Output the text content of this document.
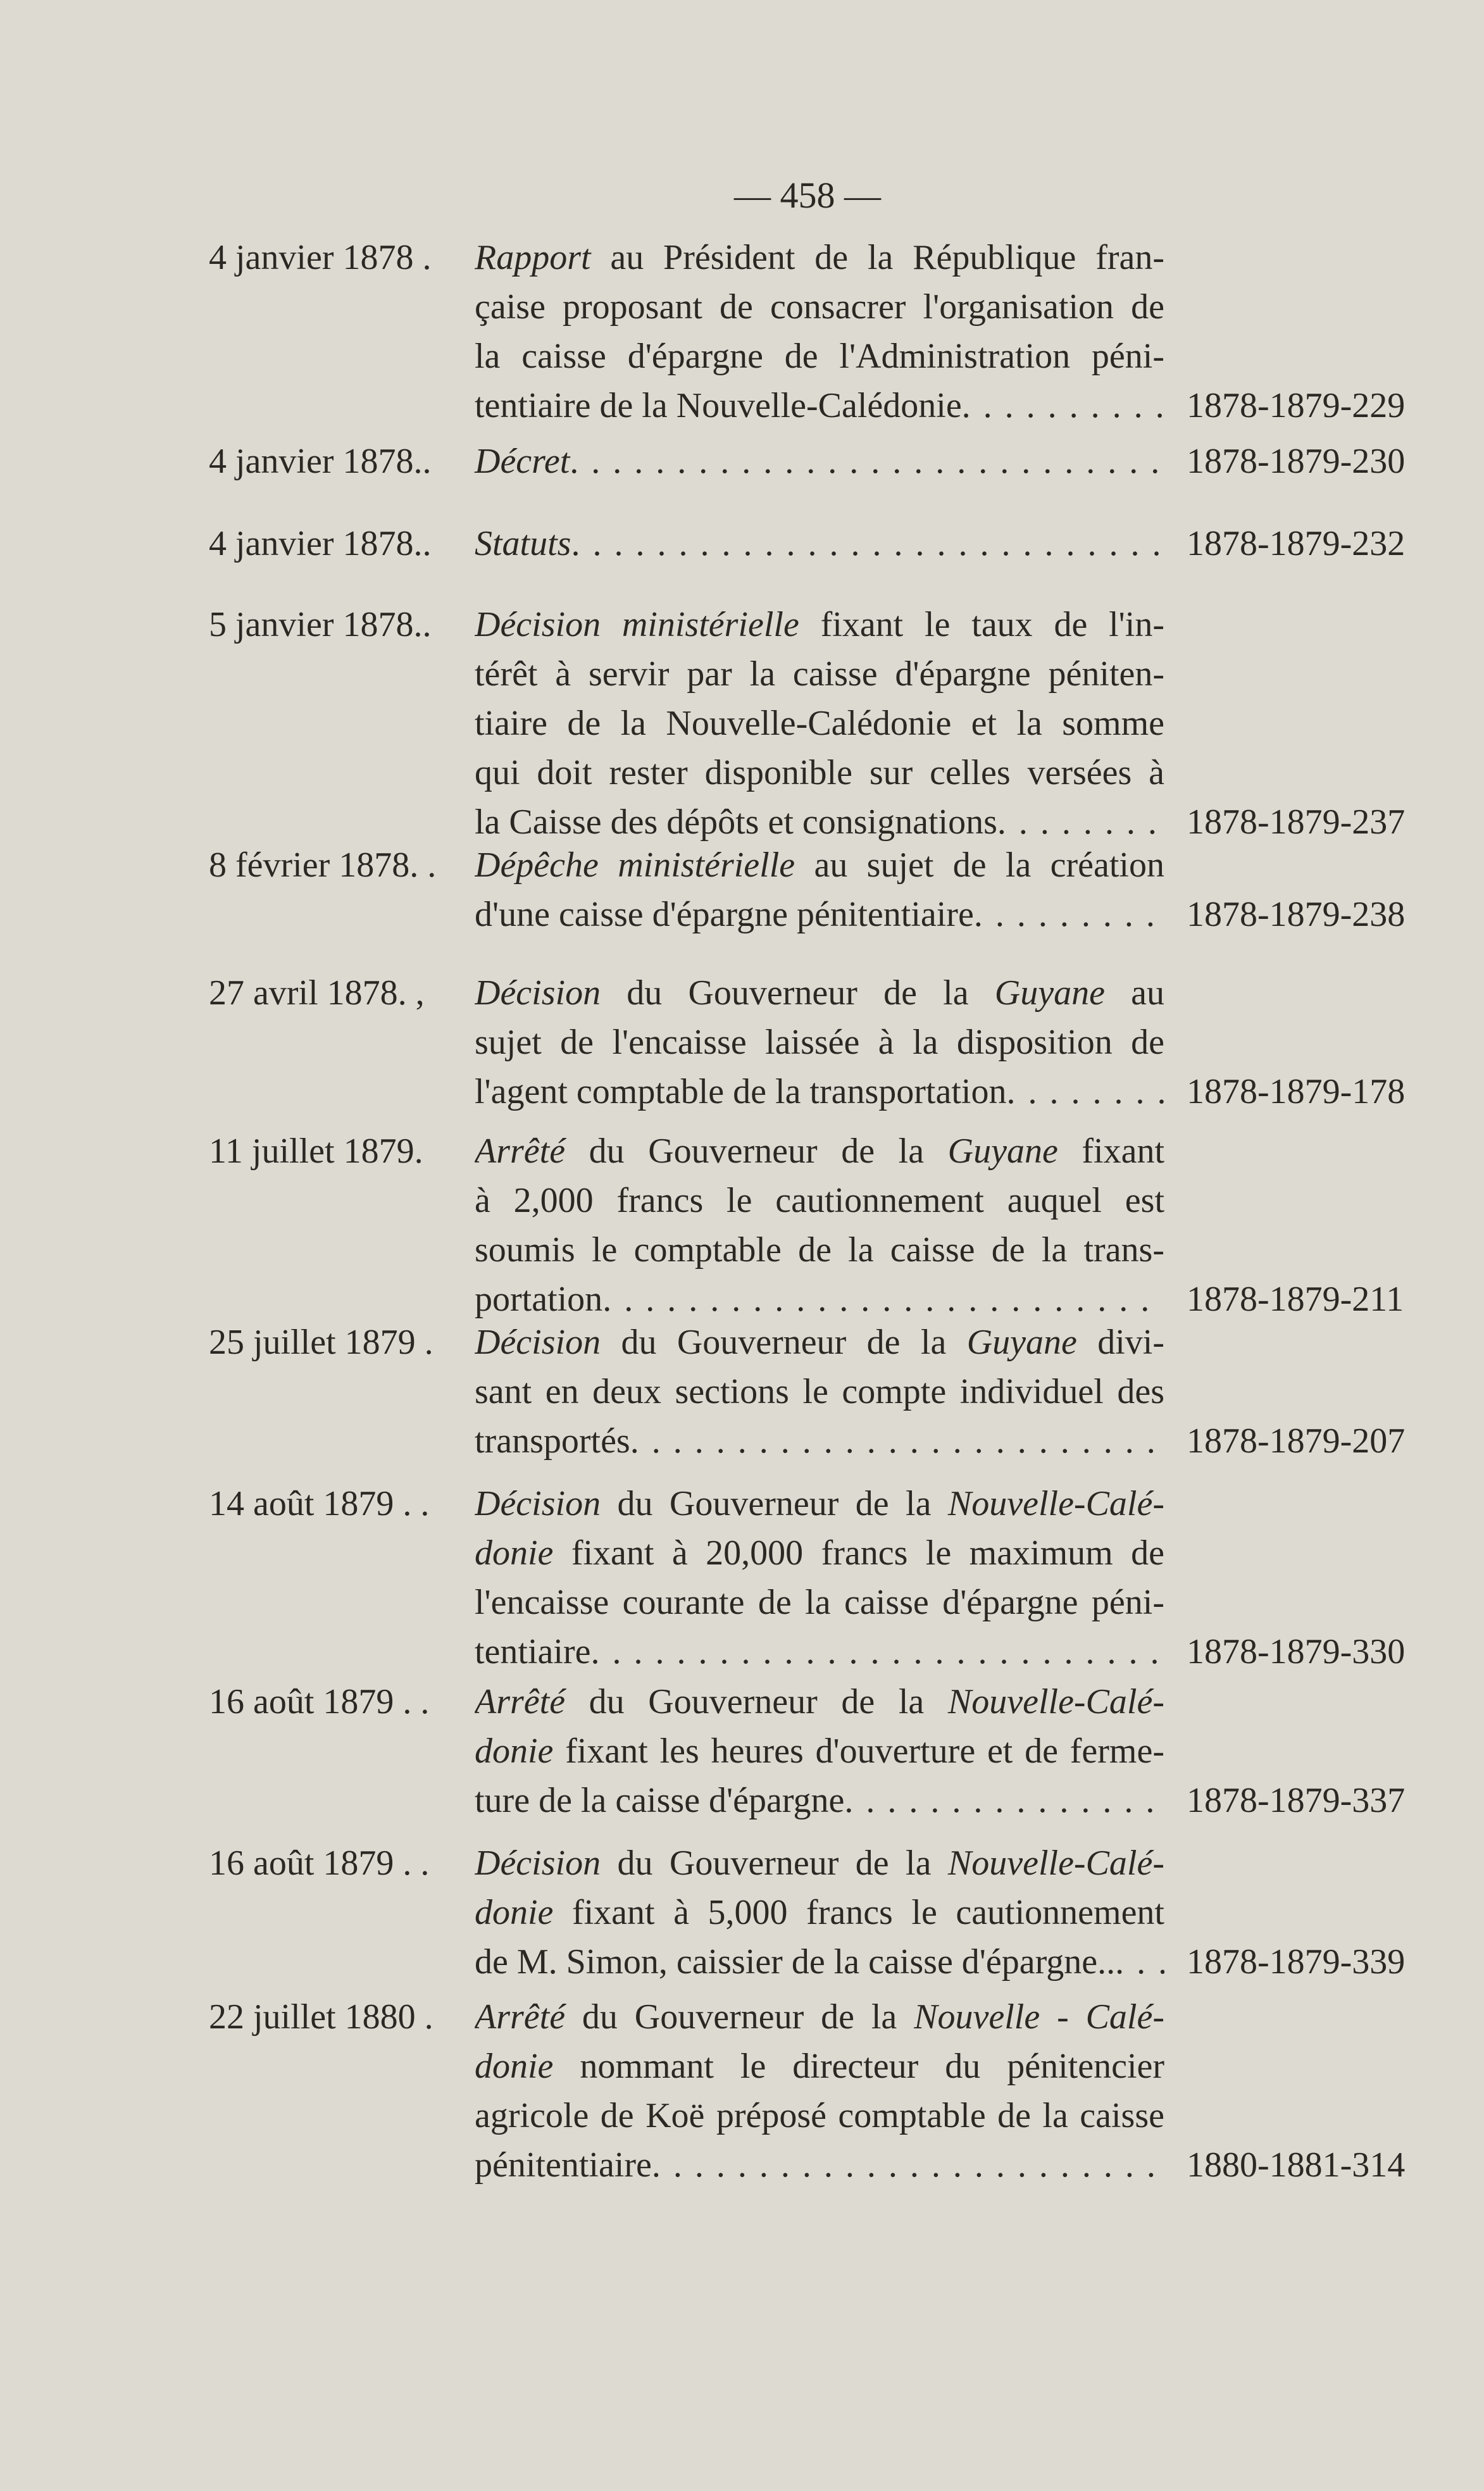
— 458 —
4 janvier 1878 . Rapport au Président de la République fran-
çaise proposant de consacrer l'organisation de
la caisse d'épargne de l'Administration péni-
tentiaire de la Nouvelle-Calédonie . . .	1878-1879-229
4 janvier 1878.. Décret . . .	1878-1879-230
4 janvier 1878.. Statuts . . .	1878-1879-232
5 janvier 1878.. Décision ministérielle fixant le taux de l'in-
térêt à servir par la caisse d'épargne péniten-
tiaire de la Nouvelle-Calédonie et la somme
qui doit rester disponible sur celles versées à
la Caisse des dépôts et consignations . . .	1878-1879-237
8 février 1878. . Dépêche ministérielle au sujet de la création
d'une caisse d'épargne pénitentiaire . . .	1878-1879-238
27 avril 1878. , Décision du Gouverneur de la Guyane au
sujet de l'encaisse laissée à la disposition de
l'agent comptable de la transportation . . .	1878-1879-178
11 juillet 1879. Arrêté du Gouverneur de la Guyane fixant
à 2,000 francs le cautionnement auquel est
soumis le comptable de la caisse de la trans-
portation . . .	1878-1879-211
25 juillet 1879 . Décision du Gouverneur de la Guyane divi-
sant en deux sections le compte individuel des
transportés . . .	1878-1879-207
14 août 1879 . . Décision du Gouverneur de la Nouvelle-Calé-
donie fixant à 20,000 francs le maximum de
l'encaisse courante de la caisse d'épargne péni-
tentiaire . . .	1878-1879-330
16 août 1879 . . Arrêté du Gouverneur de la Nouvelle-Calé-
donie fixant les heures d'ouverture et de ferme-
ture de la caisse d'épargne . . .	1878-1879-337
16 août 1879 . . Décision du Gouverneur de la Nouvelle-Calé-
donie fixant à 5,000 francs le cautionnement
de M. Simon, caissier de la caisse d'épargne.. . . . 1878-1879-339
22 juillet 1880 . Arrêté du Gouverneur de la Nouvelle - Calé-
donie nommant le directeur du pénitencier
agricole de Koë préposé comptable de la caisse
pénitentiaire . . .	1880-1881-314
